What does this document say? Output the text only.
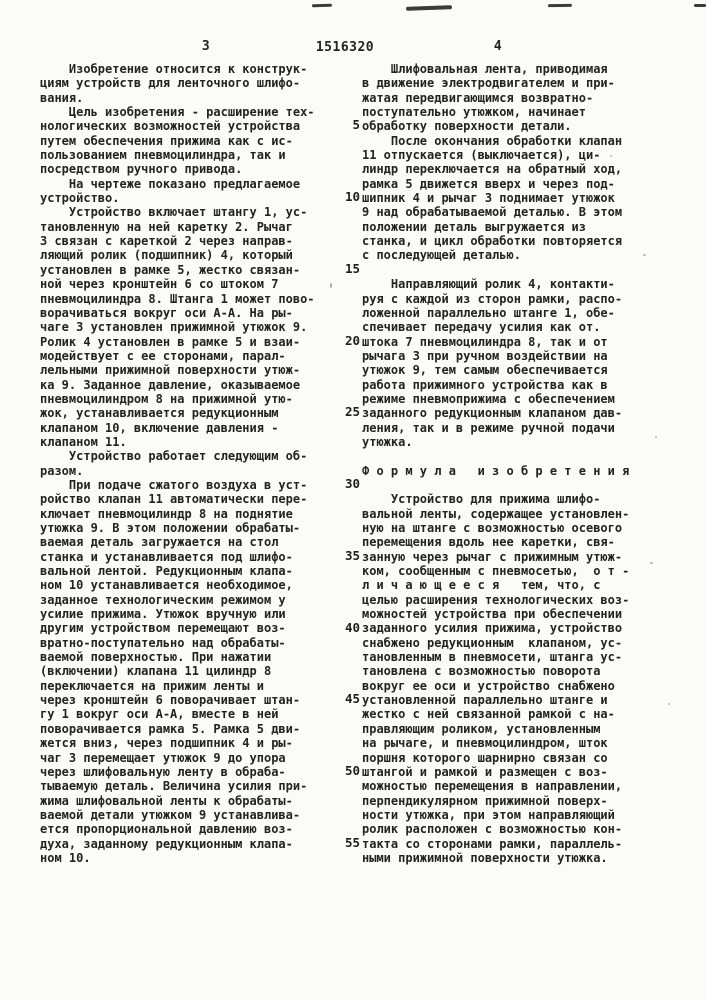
3	1516320	4
Изобретение относится к конструк-
циям устройств для ленточного шлифо-
вания.
Цель изобретения - расширение тех-
нологических возможностей устройства
путем обеспечения прижима как с ис-
пользованием пневмоцилиндра, так и
посредством ручного привода.
На чертеже показано предлагаемое
устройство.
Устройство включает штангу 1, ус-
тановленную на ней каретку 2. Рычаг
3 связан с кареткой 2 через направ-
ляющий ролик (подшипник) 4, который
установлен в рамке 5, жестко связан-
ной через кронштейн 6 со штоком 7
пневмоцилиндра 8. Штанга 1 может пово-
ворачиваться вокруг оси А-А. На ры-
чаге 3 установлен прижимной утюжок 9.
Ролик 4 установлен в рамке 5 и взаи-
модействует с ее сторонами, парал-
лельными прижимной поверхности утюж-
ка 9. Заданное давление, оказываемое
пневмоцилиндром 8 на прижимной утю-
жок, устанавливается редукционным
клапаном 10, включение давления -
клапаном 11.
Устройство работает следующим об-
разом.
При подаче сжатого воздуха в уст-
ройство клапан 11 автоматически пере-
ключает пневмоцилиндр 8 на поднятие
утюжка 9. В этом положении обрабаты-
ваемая деталь загружается на стол
станка и устанавливается под шлифо-
вальной лентой. Редукционным клапа-
ном 10 устанавливается необходимое,
заданное технологическим режимом у
усилие прижима. Утюжок вручную или
другим устройством перемещают воз-
вратно-поступательно над обрабаты-
ваемой поверхностью. При нажатии
(включении) клапана 11 цилиндр 8
переключается на прижим ленты и
через кронштейн 6 поворачивает штан-
гу 1 вокруг оси А-А, вместе в ней
поворачивается рамка 5. Рамка 5 дви-
жется вниз, через подшипник 4 и ры-
чаг 3 перемещает утюжок 9 до упора
через шлифовальную ленту в обраба-
тываемую деталь. Величина усилия при-
жима шлифовальной ленты к обрабаты-
ваемой детали утюжком 9 устанавлива-
ется пропорциональной давлению воз-
духа, заданному редукционным клапа-
ном 10.
5
10
15
20
25
30
35
40
45
50
55
Шлифовальная лента, приводимая
в движение электродвигателем и при-
жатая передвигающимся возвратно-
поступательно утюжком, начинает
обработку поверхности детали.
После окончания обработки клапан
11 отпускается (выключается), ци-
линдр переключается на обратный ход,
рамка 5 движется вверх и через под-
шипник 4 и рычаг 3 поднимает утюжок
9 над обрабатываемой деталью. В этом
положении деталь выгружается из
станка, и цикл обработки повторяется
с последующей деталью.

Направляющий ролик 4, контакти-
руя с каждой из сторон рамки, распо-
ложенной параллельно штанге 1, обе-
спечивает передачу усилия как от.
штока 7 пневмоцилиндра 8, так и от
рычага 3 при ручном воздействии на
утюжок 9, тем самым обеспечивается
работа прижимного устройства как в
режиме пневмоприжима с обеспечением
заданного редукционным клапаном дав-
ления, так и в режиме ручной подачи
утюжка.

Ф о р м у л а   и з о б р е т е н и я

Устройство для прижима шлифо-
вальной ленты, содержащее установлен-
ную на штанге с возможностью осевого
перемещения вдоль нее каретки, свя-
занную через рычаг с прижимным утюж-
ком, сообщенным с пневмосетью,  о т -
л и ч а ю щ е е с я   тем, что, с
целью расширения технологических воз-
можностей устройства при обеспечении
заданного усилия прижима, устройство
снабжено редукционным  клапаном, ус-
тановленным в пневмосети, штанга ус-
тановлена с возможностью поворота
вокруг ее оси и устройство снабжено
установленной параллельно штанге и
жестко с ней связанной рамкой с на-
правляющим роликом, установленным
на рычаге, и пневмоцилиндром, шток
поршня которого шарнирно связан со
штангой и рамкой и размещен с воз-
можностью перемещения в направлении,
перпендикулярном прижимной поверх-
ности утюжка, при этом направляющий
ролик расположен с возможностью кон-
такта со сторонами рамки, параллель-
ными прижимной поверхности утюжка.
